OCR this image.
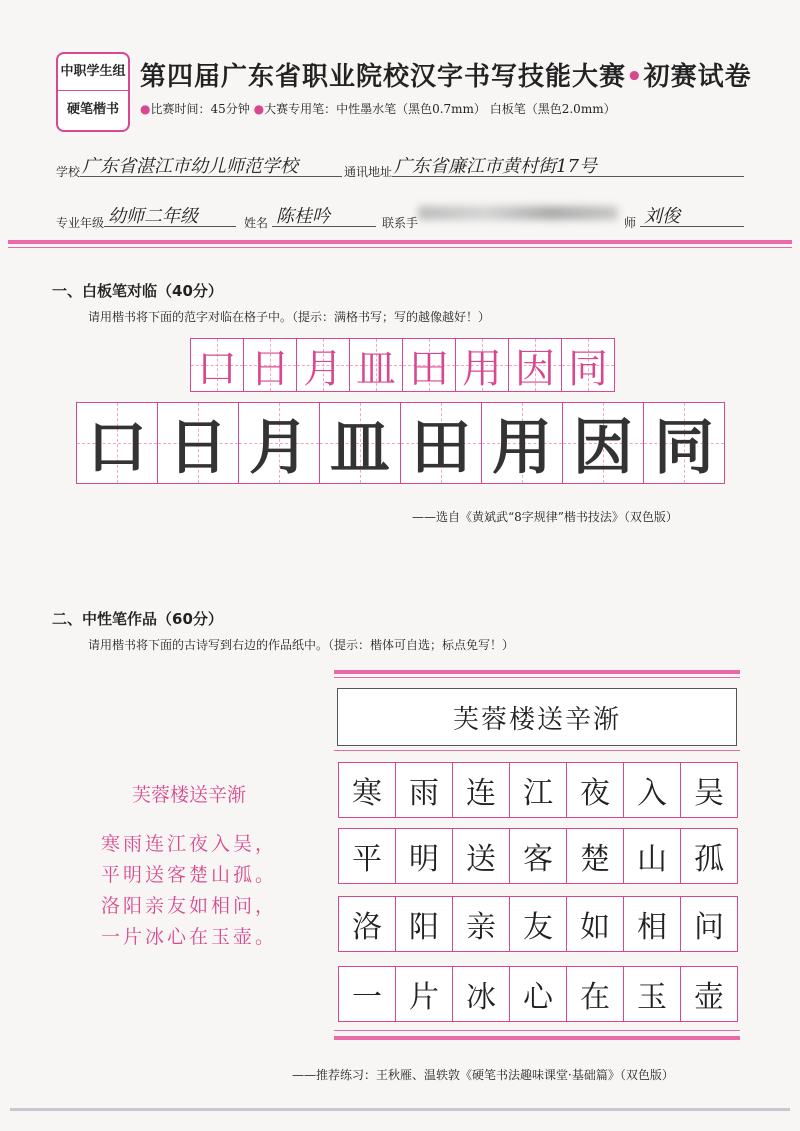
中职学生组
硬笔楷书
第四届广东省职业院校汉字书写技能大赛•初赛试卷
●比赛时间：45分钟 ●大赛专用笔：中性墨水笔（黑色0.7mm） 白板笔（黑色2.0mm）
学校 广东省湛江市幼儿师范学校	通讯地址 广东省廉江市黄村街17号
专业年级 幼师二年级	姓名 陈桂吟	联系手	师 刘俊
一、白板笔对临（40分）
请用楷书将下面的范字对临在格子中。（提示：满格书写；写的越像越好！）
口 日 月 皿 田 用 因 同
口 日 月 皿 田 用 因 同
——选自《黄斌武“8字规律”楷书技法》（双色版）
二、中性笔作品（60分）
请用楷书将下面的古诗写到右边的作品纸中。（提示：楷体可自选；标点免写！）
芙蓉楼送辛渐
寒雨连江夜入吴，
平明送客楚山孤。
洛阳亲友如相问，
一片冰心在玉壶。
芙蓉楼送辛渐
寒 雨 连 江 夜 入 吴
平 明 送 客 楚 山 孤
洛 阳 亲 友 如 相 问
一 片 冰 心 在 玉 壶
——推荐练习：王秋雁、温轶敦《硬笔书法趣味课堂·基础篇》（双色版）
